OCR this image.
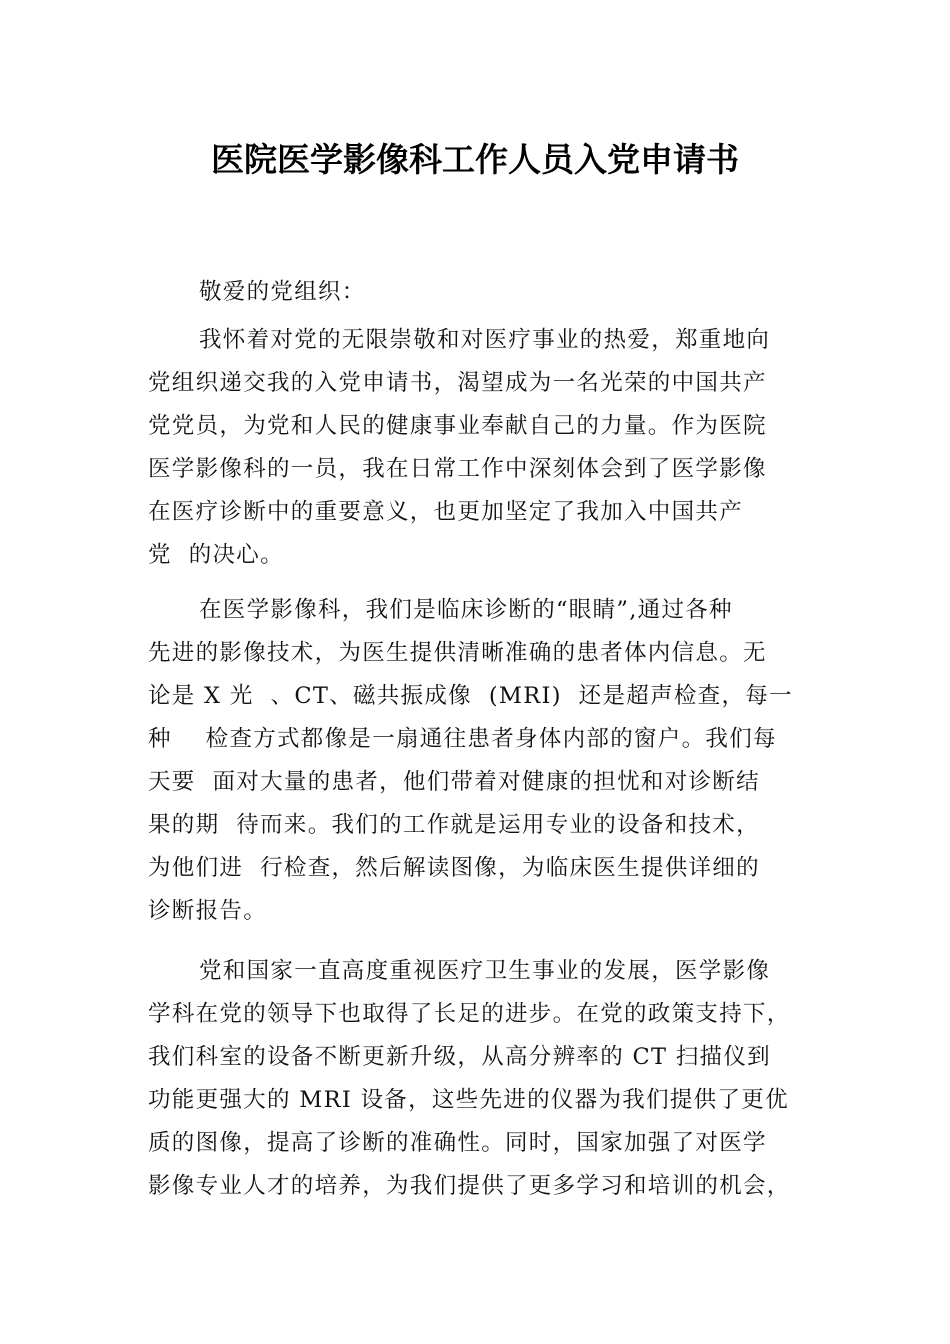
医院医学影像科工作人员入党申请书
敬爱的党组织：
我怀着对党的无限崇敬和对医疗事业的热爱，郑重地向
党组织递交我的入党申请书，渴望成为一名光荣的中国共产
党党员，为党和人民的健康事业奉献自己的力量。作为医院
医学影像科的一员，我在日常工作中深刻体会到了医学影像
在医疗诊断中的重要意义，也更加坚定了我加入中国共产
党  的决心。
在医学影像科，我们是临床诊断的“眼睛”,通过各种
先进的影像技术，为医生提供清晰准确的患者体内信息。无
论是 X 光  、CT、磁共振成像  (MRI)  还是超声检查，每一
种    检查方式都像是一扇通往患者身体内部的窗户。我们每
天要  面对大量的患者，他们带着对健康的担忧和对诊断结
果的期  待而来。我们的工作就是运用专业的设备和技术，
为他们进  行检查，然后解读图像，为临床医生提供详细的
诊断报告。
党和国家一直高度重视医疗卫生事业的发展，医学影像
学科在党的领导下也取得了长足的进步。在党的政策支持下，
我们科室的设备不断更新升级，从高分辨率的 CT 扫描仪到
功能更强大的 MRI 设备，这些先进的仪器为我们提供了更优
质的图像，提高了诊断的准确性。同时，国家加强了对医学
影像专业人才的培养，为我们提供了更多学习和培训的机会，
